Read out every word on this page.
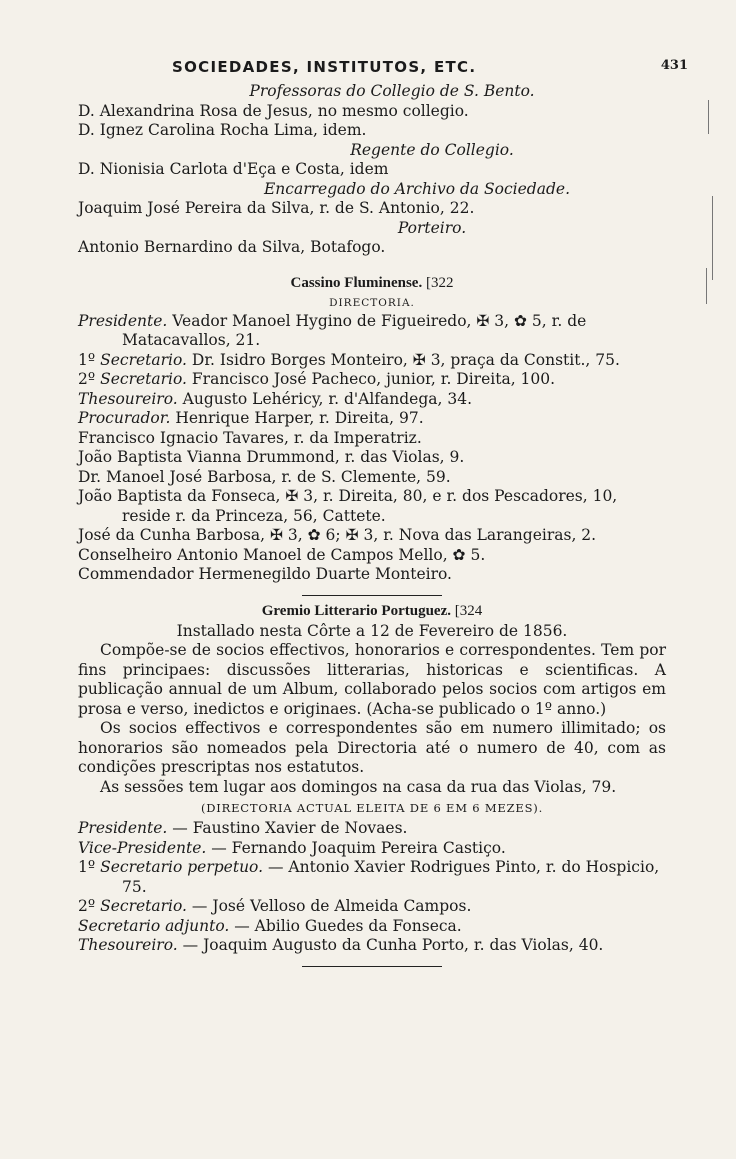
SOCIEDADES, INSTITUTOS, ETC.	431
Professoras do Collegio de S. Bento.
D. Alexandrina Rosa de Jesus, no mesmo collegio.
D. Ignez Carolina Rocha Lima, idem.
Regente do Collegio.
D. Nionisia Carlota d'Eça e Costa, idem
Encarregado do Archivo da Sociedade.
Joaquim José Pereira da Silva, r. de S. Antonio, 22.
Porteiro.
Antonio Bernardino da Silva, Botafogo.
Cassino Fluminense. [322
DIRECTORIA.
Presidente. Veador Manoel Hygino de Figueiredo, ✠ 3, ✿ 5, r. de
Matacavallos, 21.
1º Secretario. Dr. Isidro Borges Monteiro, ✠ 3, praça da Constit., 75.
2º Secretario. Francisco José Pacheco, junior, r. Direita, 100.
Thesoureiro. Augusto Lehéricy, r. d'Alfandega, 34.
Procurador. Henrique Harper, r. Direita, 97.
Francisco Ignacio Tavares, r. da Imperatriz.
João Baptista Vianna Drummond, r. das Violas, 9.
Dr. Manoel José Barbosa, r. de S. Clemente, 59.
João Baptista da Fonseca, ✠ 3, r. Direita, 80, e r. dos Pescadores, 10,
reside r. da Princeza, 56, Cattete.
José da Cunha Barbosa, ✠ 3, ✿ 6; ✠ 3, r. Nova das Larangeiras, 2.
Conselheiro Antonio Manoel de Campos Mello, ✿ 5.
Commendador Hermenegildo Duarte Monteiro.
Gremio Litterario Portuguez. [324
Installado nesta Côrte a 12 de Fevereiro de 1856.
Compõe-se de socios effectivos, honorarios e correspondentes. Tem por fins principaes: discussões litterarias, historicas e scientificas. A publicação annual de um Album, collaborado pelos socios com artigos em prosa e verso, inedictos e originaes. (Acha-se publicado o 1º anno.)
Os socios effectivos e correspondentes são em numero illimitado; os honorarios são nomeados pela Directoria até o numero de 40, com as condições prescriptas nos estatutos.
As sessões tem lugar aos domingos na casa da rua das Violas, 79.
(DIRECTORIA ACTUAL ELEITA DE 6 EM 6 MEZES).
Presidente. — Faustino Xavier de Novaes.
Vice-Presidente. — Fernando Joaquim Pereira Castiço.
1º Secretario perpetuo. — Antonio Xavier Rodrigues Pinto, r. do Hospicio, 75.
2º Secretario. — José Velloso de Almeida Campos.
Secretario adjunto. — Abilio Guedes da Fonseca.
Thesoureiro. — Joaquim Augusto da Cunha Porto, r. das Violas, 40.
